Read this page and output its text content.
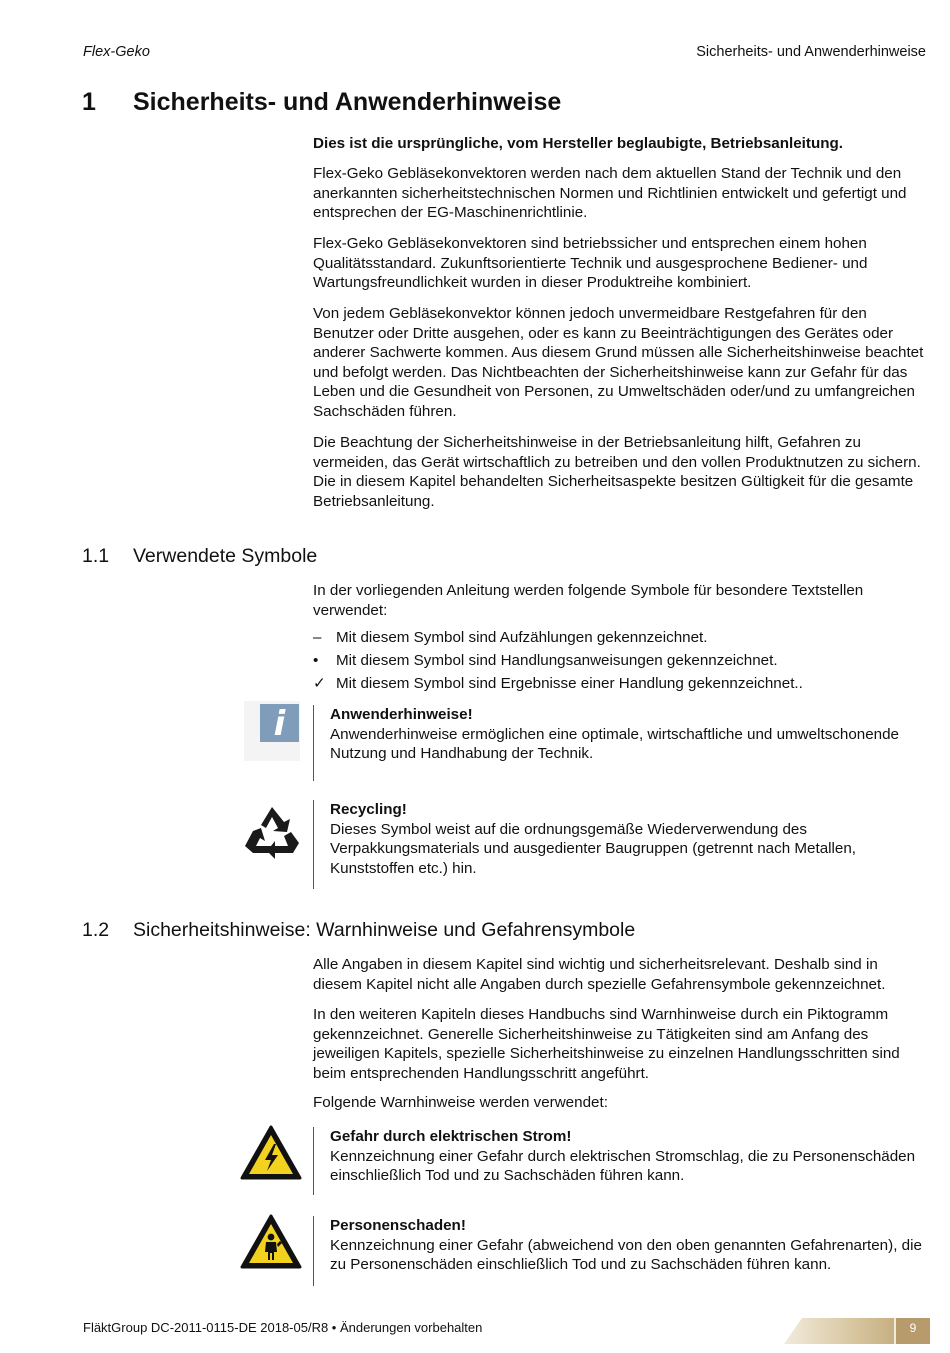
Flex-Geko	Sicherheits- und Anwenderhinweise
1 Sicherheits- und Anwenderhinweise

Dies ist die ursprüngliche, vom Hersteller beglaubigte, Betriebsanleitung.

Flex-Geko Gebläsekonvektoren werden nach dem aktuellen Stand der Technik und den anerkannten sicherheitstechnischen Normen und Richtlinien entwickelt und gefertigt und entsprechen der EG-Maschinenrichtlinie.

Flex-Geko Gebläsekonvektoren sind betriebssicher und entsprechen einem hohen Qualitätsstandard. Zukunftsorientierte Technik und ausgesprochene Bediener- und Wartungsfreundlichkeit wurden in dieser Produktreihe kombiniert.

Von jedem Gebläsekonvektor können jedoch unvermeidbare Restgefahren für den Benutzer oder Dritte ausgehen, oder es kann zu Beeinträchtigungen des Gerätes oder anderer Sachwerte kommen. Aus diesem Grund müssen alle Sicherheitshinweise beachtet und befolgt werden. Das Nichtbeachten der Sicherheitshinweise kann zur Gefahr für das Leben und die Gesundheit von Personen, zu Umweltschäden oder/und zu umfangreichen Sachschäden führen.

Die Beachtung der Sicherheitshinweise in der Betriebsanleitung hilft, Gefahren zu vermeiden, das Gerät wirtschaftlich zu betreiben und den vollen Produktnutzen zu sichern. Die in diesem Kapitel behandelten Sicherheitsaspekte besitzen Gültigkeit für die gesamte Betriebsanleitung.

1.1 Verwendete Symbole

In der vorliegenden Anleitung werden folgende Symbole für besondere Textstellen verwendet:

– Mit diesem Symbol sind Aufzählungen gekennzeichnet.
•	Mit diesem Symbol sind Handlungsanweisungen gekennzeichnet.
✓ Mit diesem Symbol sind Ergebnisse einer Handlung gekennzeichnet..
i	Anwenderhinweise!
Anwenderhinweise ermöglichen eine optimale, wirtschaftliche und umweltschonende Nutzung und Handhabung der Technik.
Recycling!
Dieses Symbol weist auf die ordnungsgemäße Wiederverwendung des Verpakkungsmaterials und ausgedienter Baugruppen (getrennt nach Metallen, Kunststoffen etc.) hin.
1.2 Sicherheitshinweise: Warnhinweise und Gefahrensymbole

Alle Angaben in diesem Kapitel sind wichtig und sicherheitsrelevant. Deshalb sind in diesem Kapitel nicht alle Angaben durch spezielle Gefahrensymbole gekennzeichnet.

In den weiteren Kapiteln dieses Handbuchs sind Warnhinweise durch ein Piktogramm gekennzeichnet. Generelle Sicherheitshinweise zu Tätigkeiten sind am Anfang des jeweiligen Kapitels, spezielle Sicherheitshinweise zu einzelnen Handlungsschritten sind beim entsprechenden Handlungsschritt angeführt.

Folgende Warnhinweise werden verwendet:

Gefahr durch elektrischen Strom!
Kennzeichnung einer Gefahr durch elektrischen Stromschlag, die zu Personenschäden einschließlich Tod und zu Sachschäden führen kann.
Personenschaden!
Kennzeichnung einer Gefahr (abweichend von den oben genannten Gefahrenarten), die zu Personenschäden einschließlich Tod und zu Sachschäden führen kann.
FläktGroup DC-2011-0115-DE 2018-05/R8 • Änderungen vorbehalten	9
